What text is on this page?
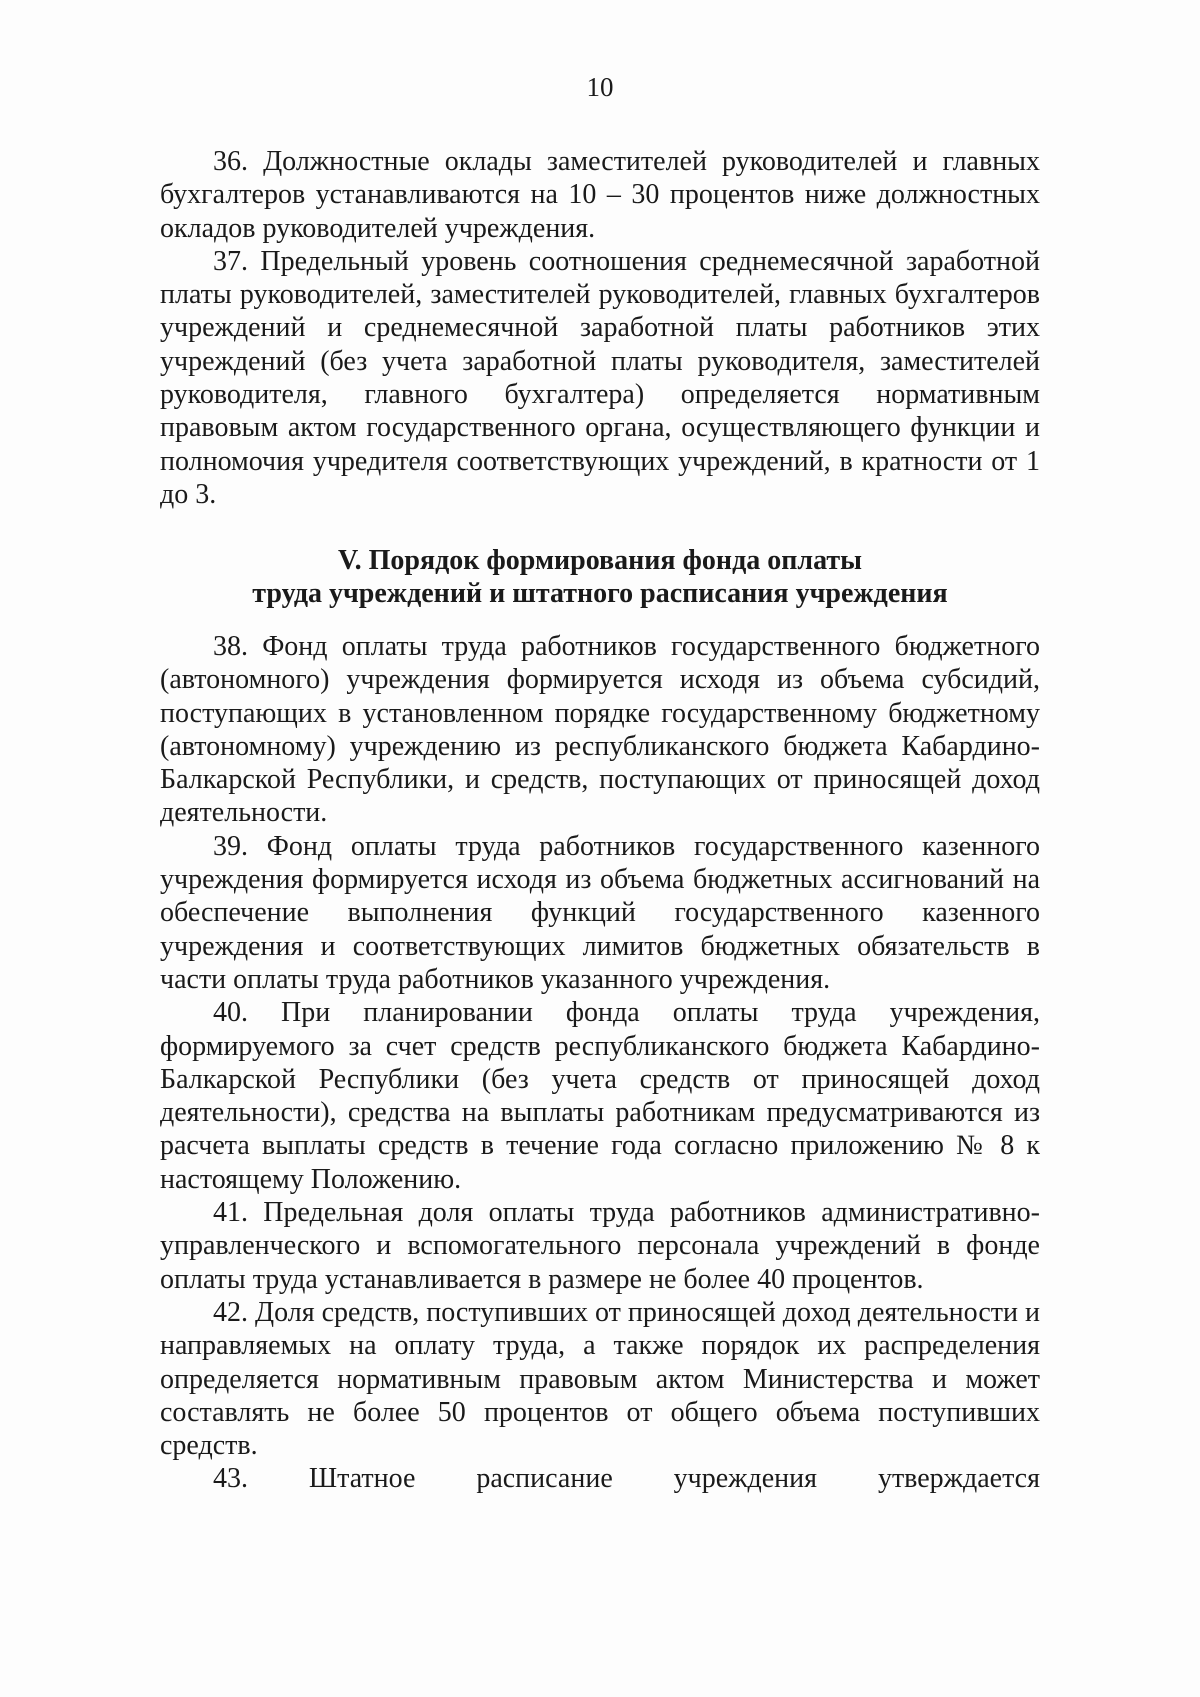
10

36. Должностные оклады заместителей руководителей и главных бухгалтеров устанавливаются на 10 – 30 процентов ниже должностных окладов руководителей учреждения.

37. Предельный уровень соотношения среднемесячной заработной платы руководителей, заместителей руководителей, главных бухгалтеров учреждений и среднемесячной заработной платы работников этих учреждений (без учета заработной платы руководителя, заместителей руководителя, главного бухгалтера) определяется нормативным правовым актом государственного органа, осуществляющего функции и полномочия учредителя соответствующих учреждений, в кратности от 1 до 3.

V. Порядок формирования фонда оплаты
труда учреждений и штатного расписания учреждения

38. Фонд оплаты труда работников государственного бюджетного (автономного) учреждения формируется исходя из объема субсидий, поступающих в установленном порядке государственному бюджетному (автономному) учреждению из республиканского бюджета Кабардино-Балкарской Республики, и средств, поступающих от приносящей доход деятельности.

39. Фонд оплаты труда работников государственного казенного учреждения формируется исходя из объема бюджетных ассигнований на обеспечение выполнения функций государственного казенного учреждения и соответствующих лимитов бюджетных обязательств в части оплаты труда работников указанного учреждения.

40. При планировании фонда оплаты труда учреждения, формируемого за счет средств республиканского бюджета Кабардино-Балкарской Республики (без учета средств от приносящей доход деятельности), средства на выплаты работникам предусматриваются из расчета выплаты средств в течение года согласно приложению № 8 к настоящему Положению.

41. Предельная доля оплаты труда работников административно-управленческого и вспомогательного персонала учреждений в фонде оплаты труда устанавливается в размере не более 40 процентов.

42. Доля средств, поступивших от приносящей доход деятельности и направляемых на оплату труда, а также порядок их распределения определяется нормативным правовым актом Министерства и может составлять не более 50 процентов от общего объема поступивших средств.

43. Штатное расписание учреждения утверждается
